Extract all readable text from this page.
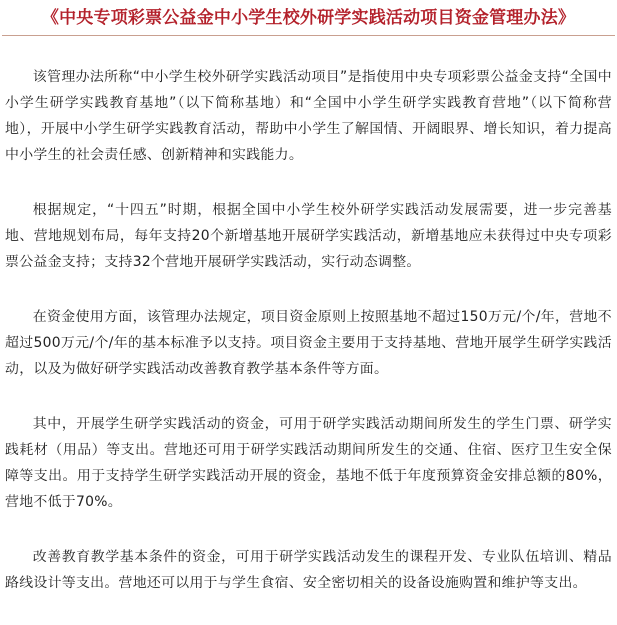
《中央专项彩票公益金中小学生校外研学实践活动项目资金管理办法》

该管理办法所称“中小学生校外研学实践活动项目”是指使用中央专项彩票公益金支持“全国中小学生研学实践教育基地”（以下简称基地）和“全国中小学生研学实践教育营地”（以下简称营地），开展中小学生研学实践教育活动，帮助中小学生了解国情、开阔眼界、增长知识，着力提高中小学生的社会责任感、创新精神和实践能力。

根据规定，“十四五”时期，根据全国中小学生校外研学实践活动发展需要，进一步完善基地、营地规划布局，每年支持20个新增基地开展研学实践活动，新增基地应未获得过中央专项彩票公益金支持；支持32个营地开展研学实践活动，实行动态调整。

在资金使用方面，该管理办法规定，项目资金原则上按照基地不超过150万元/个/年，营地不超过500万元/个/年的基本标准予以支持。项目资金主要用于支持基地、营地开展学生研学实践活动，以及为做好研学实践活动改善教育教学基本条件等方面。

其中，开展学生研学实践活动的资金，可用于研学实践活动期间所发生的学生门票、研学实践耗材（用品）等支出。营地还可用于研学实践活动期间所发生的交通、住宿、医疗卫生安全保障等支出。用于支持学生研学实践活动开展的资金，基地不低于年度预算资金安排总额的80%，营地不低于70%。

改善教育教学基本条件的资金，可用于研学实践活动发生的课程开发、专业队伍培训、精品路线设计等支出。营地还可以用于与学生食宿、安全密切相关的设备设施购置和维护等支出。
